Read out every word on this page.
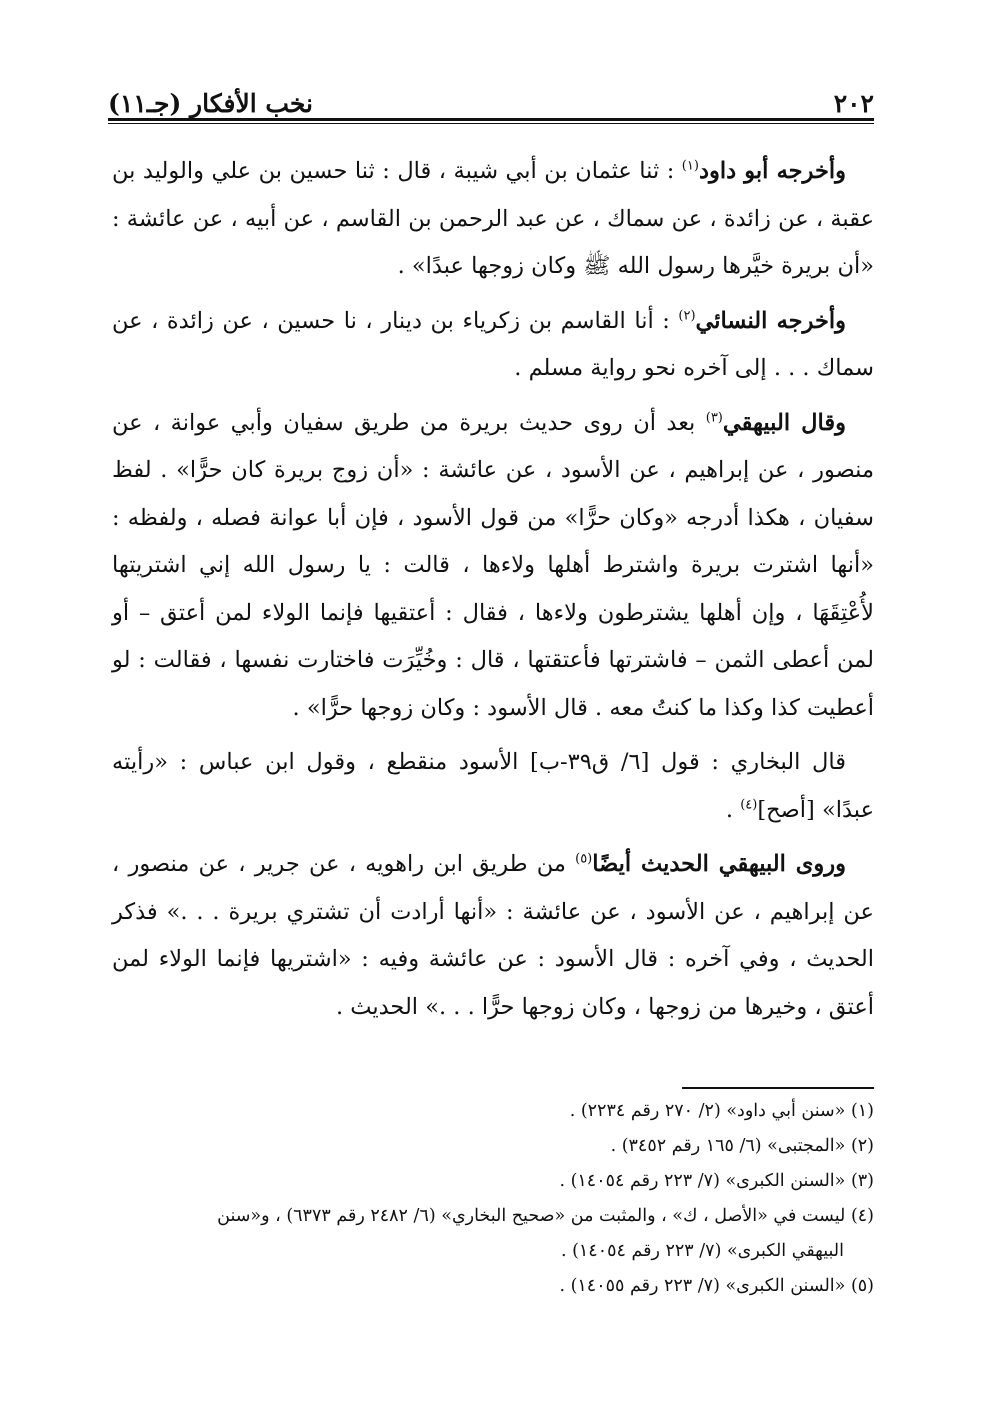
٢٠٢
نخب الأفكار (جـ١١)

وأخرجه أبو داود$^{(١)}$ : ثنا عثمان بن أبي شيبة ، قال : ثنا حسين بن علي والوليد بن عقبة ، عن زائدة ، عن سماك ، عن عبد الرحمن بن القاسم ، عن أبيه ، عن عائشة : «أن بريرة خيَّرها رسول الله ﷺ وكان زوجها عبدًا» .

وأخرجه النسائي$^{(٢)}$ : أنا القاسم بن زكرياء بن دينار ، نا حسين ، عن زائدة ، عن سماك . . . إلى آخره نحو رواية مسلم .

وقال البيهقي$^{(٣)}$ بعد أن روى حديث بريرة من طريق سفيان وأبي عوانة ، عن منصور ، عن إبراهيم ، عن الأسود ، عن عائشة : «أن زوج بريرة كان حرًّا» . لفظ سفيان ، هكذا أدرجه «وكان حرًّا» من قول الأسود ، فإن أبا عوانة فصله ، ولفظه : «أنها اشترت بريرة واشترط أهلها ولاءها ، قالت : يا رسول الله إني اشتريتها لأُعْتِقَهَا ، وإن أهلها يشترطون ولاءها ، فقال : أعتقيها فإنما الولاء لمن أعتق – أو لمن أعطى الثمن – فاشترتها فأعتقتها ، قال : وخُيِّرَت فاختارت نفسها ، فقالت : لو أعطيت كذا وكذا ما كنتُ معه . قال الأسود : وكان زوجها حرًّا» .

قال البخاري : قول [٦/ ق٣٩-ب] الأسود منقطع ، وقول ابن عباس : «رأيته عبدًا» [أصح]$^{(٤)}$ .

وروى البيهقي الحديث أيضًا$^{(٥)}$ من طريق ابن راهويه ، عن جرير ، عن منصور ، عن إبراهيم ، عن الأسود ، عن عائشة : «أنها أرادت أن تشتري بريرة . . .» فذكر الحديث ، وفي آخره : قال الأسود : عن عائشة وفيه : «اشتريها فإنما الولاء لمن أعتق ، وخيرها من زوجها ، وكان زوجها حرًّا . . .» الحديث .

(١) «سنن أبي داود» (٢/ ٢٧٠ رقم ٢٢٣٤) .

(٢) «المجتبى» (٦/ ١٦٥ رقم ٣٤٥٢) .

(٣) «السنن الكبرى» (٧/ ٢٢٣ رقم ١٤٠٥٤) .

(٤) ليست في «الأصل ، ك» ، والمثبت من «صحيح البخاري» (٦/ ٢٤٨٢ رقم ٦٣٧٣) ، و«سنن

البيهقي الكبرى» (٧/ ٢٢٣ رقم ١٤٠٥٤) .

(٥) «السنن الكبرى» (٧/ ٢٢٣ رقم ١٤٠٥٥) .
